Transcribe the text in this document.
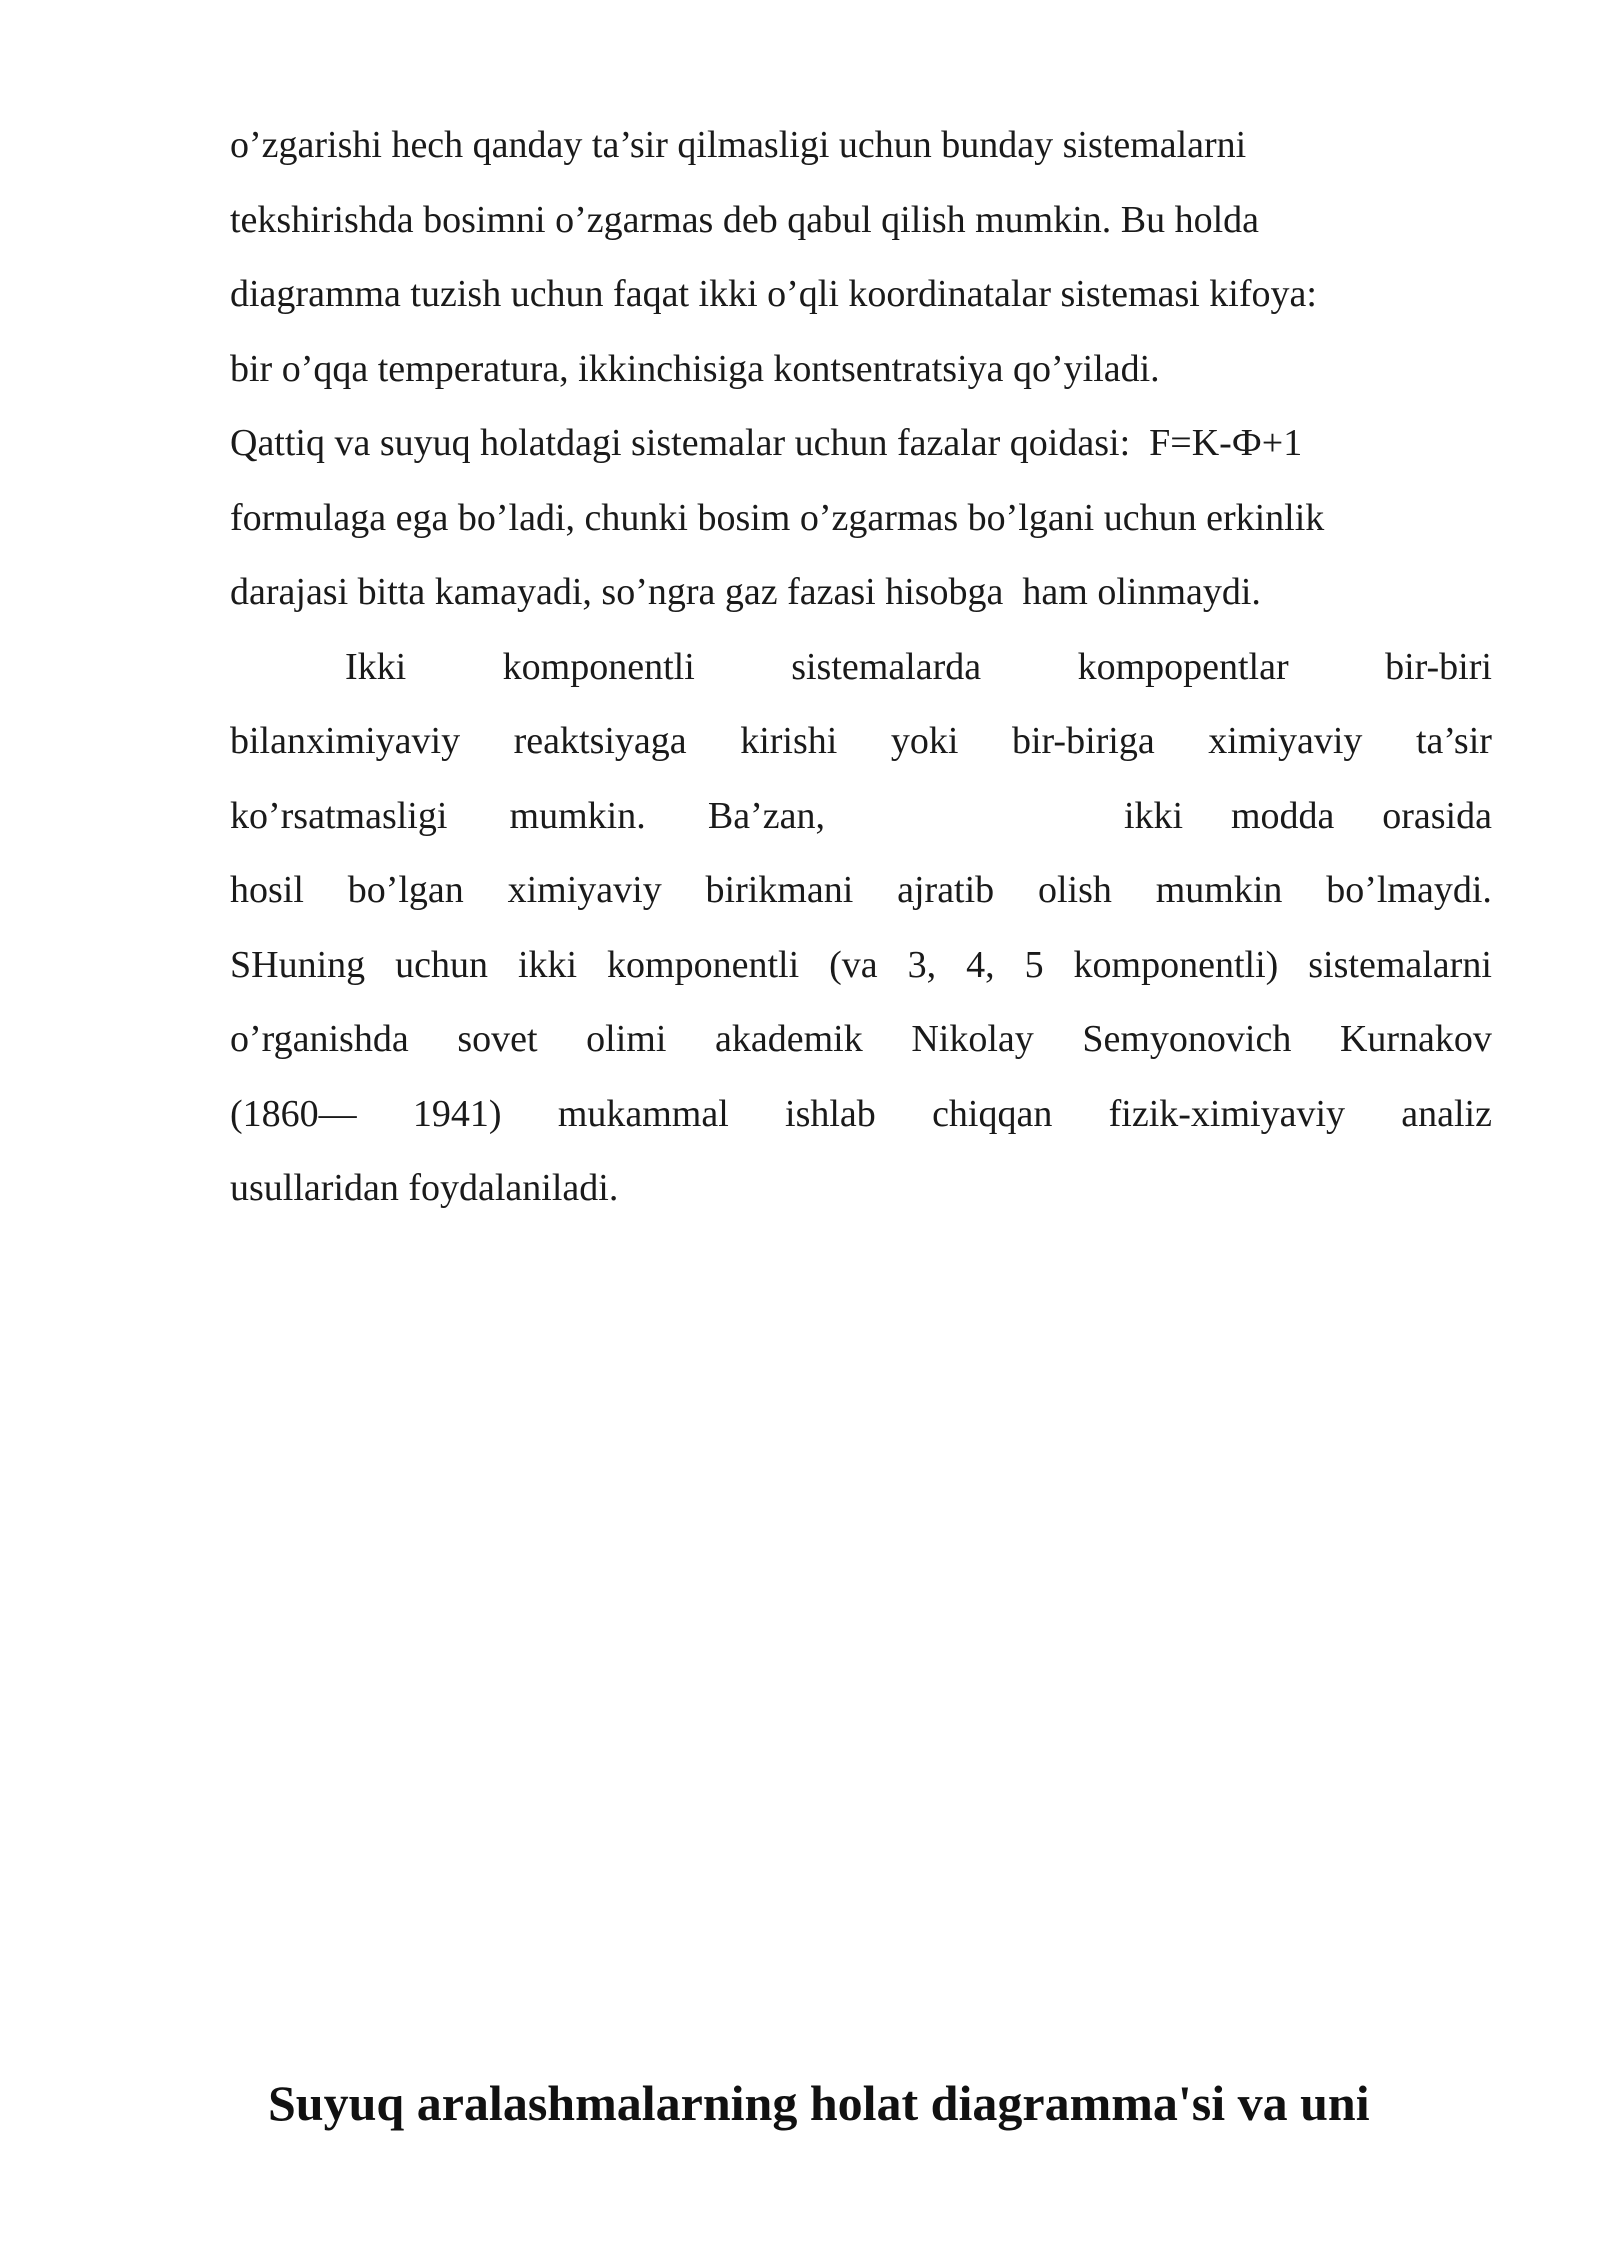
o’zgarishi hech qanday ta’sir qilmasligi uchun bunday sistemalarni
tekshirishda bosimni o’zgarmas deb qabul qilish mumkin. Bu holda
diagramma tuzish uchun faqat ikki o’qli koordinatalar sistemasi kifoya:
bir o’qqa temperatura, ikkinchisiga kontsentratsiya qo’yiladi.
Qattiq va suyuq holatdagi sistemalar uchun fazalar qoidasi:  F=K-Ф+1
formulaga ega bo’ladi, chunki bosim o’zgarmas bo’lgani uchun erkinlik
darajasi bitta kamayadi, so’ngra gaz fazasi hisobga  ham olinmaydi.
Ikki	komponentli	sistemalarda	kompopentlar	bir-biri
bilanximiyaviy reaktsiyaga kirishi yoki bir-biriga ximiyaviy ta’sir
ko’rsatmasligi mumkin. Ba’zan,	ikki modda orasida
hosil bo’lgan ximiyaviy birikmani ajratib olish mumkin bo’lmaydi.
SHuning uchun ikki komponentli (va 3, 4, 5 komponentli) sistemalarni
o’rganishda sovet olimi akademik Nikolay Semyonovich Kurnakov
(1860— 1941) mukammal ishlab chiqqan fizik-ximiyaviy analiz
usullaridan foydalaniladi.
Suyuq aralashmalarning holat diagramma'si va uni
